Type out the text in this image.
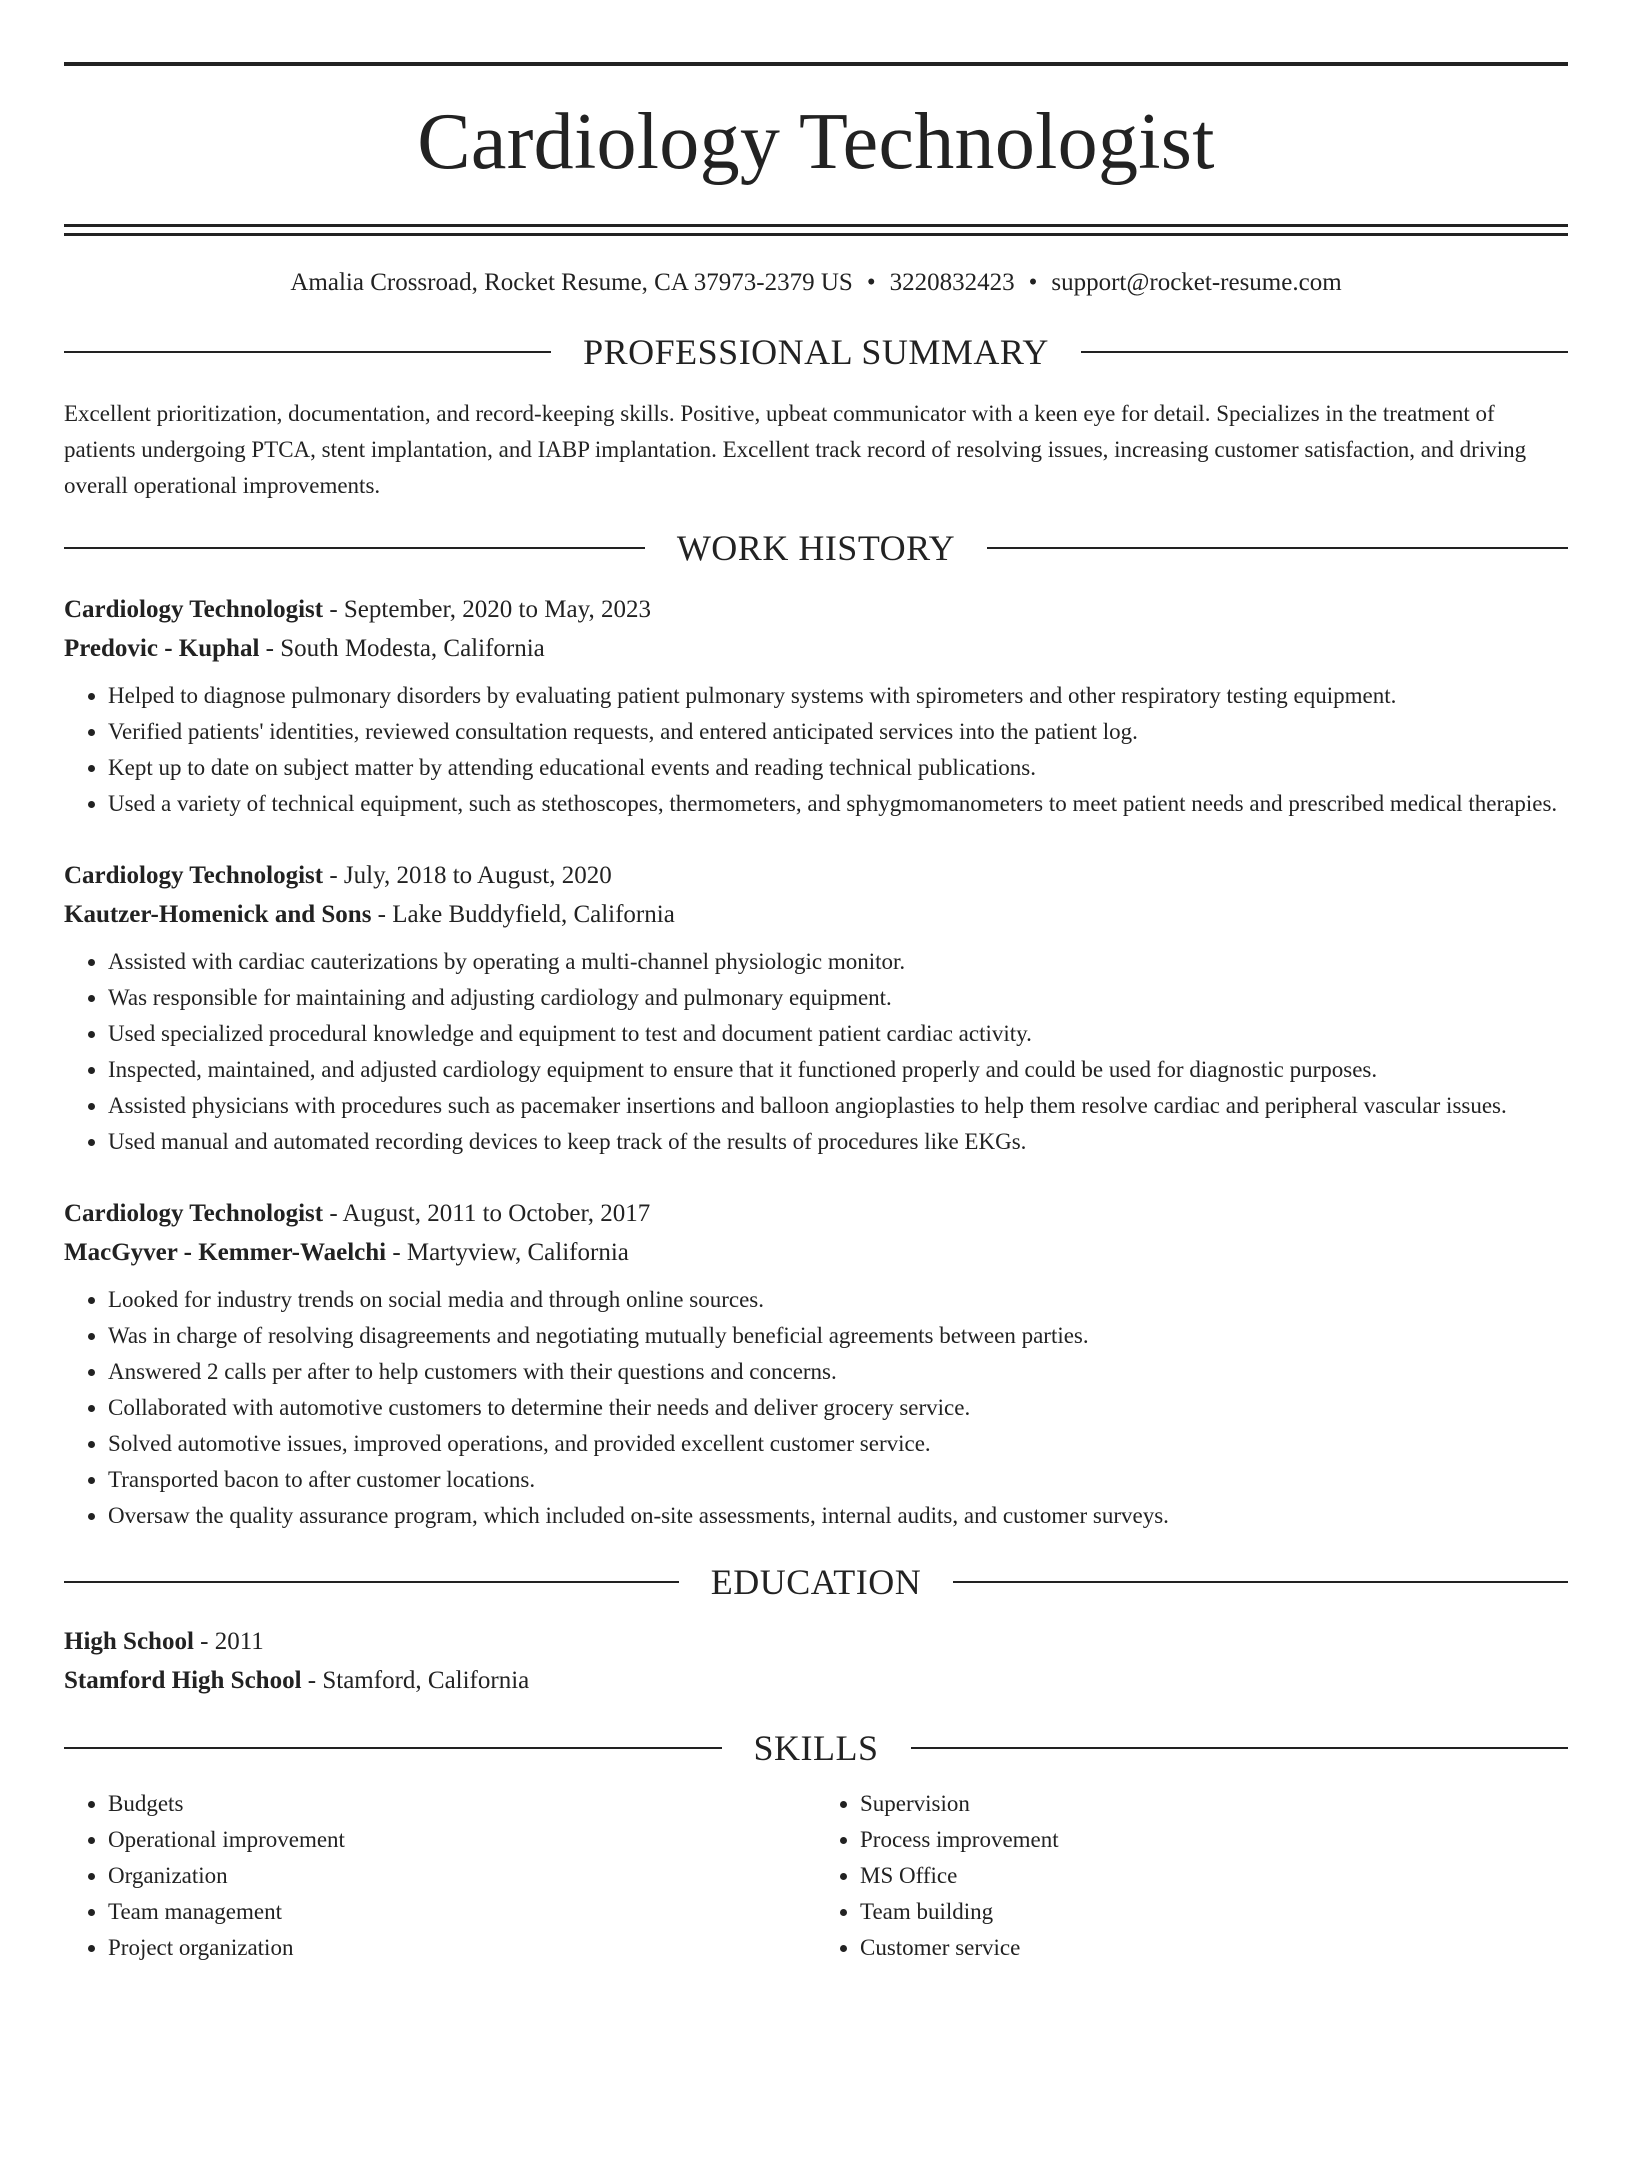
Cardiology Technologist
Amalia Crossroad, Rocket Resume, CA 37973-2379 US • 3220832423 • support@rocket-resume.com
PROFESSIONAL SUMMARY
Excellent prioritization, documentation, and record-keeping skills. Positive, upbeat communicator with a keen eye for detail. Specializes in the treatment of patients undergoing PTCA, stent implantation, and IABP implantation. Excellent track record of resolving issues, increasing customer satisfaction, and driving overall operational improvements.
WORK HISTORY
Cardiology Technologist - September, 2020 to May, 2023
Predovic - Kuphal - South Modesta, California
• Helped to diagnose pulmonary disorders by evaluating patient pulmonary systems with spirometers and other respiratory testing equipment.
• Verified patients' identities, reviewed consultation requests, and entered anticipated services into the patient log.
• Kept up to date on subject matter by attending educational events and reading technical publications.
• Used a variety of technical equipment, such as stethoscopes, thermometers, and sphygmomanometers to meet patient needs and prescribed medical therapies.
Cardiology Technologist - July, 2018 to August, 2020
Kautzer-Homenick and Sons - Lake Buddyfield, California
• Assisted with cardiac cauterizations by operating a multi-channel physiologic monitor.
• Was responsible for maintaining and adjusting cardiology and pulmonary equipment.
• Used specialized procedural knowledge and equipment to test and document patient cardiac activity.
• Inspected, maintained, and adjusted cardiology equipment to ensure that it functioned properly and could be used for diagnostic purposes.
• Assisted physicians with procedures such as pacemaker insertions and balloon angioplasties to help them resolve cardiac and peripheral vascular issues.
• Used manual and automated recording devices to keep track of the results of procedures like EKGs.
Cardiology Technologist - August, 2011 to October, 2017
MacGyver - Kemmer-Waelchi - Martyview, California
• Looked for industry trends on social media and through online sources.
• Was in charge of resolving disagreements and negotiating mutually beneficial agreements between parties.
• Answered 2 calls per after to help customers with their questions and concerns.
• Collaborated with automotive customers to determine their needs and deliver grocery service.
• Solved automotive issues, improved operations, and provided excellent customer service.
• Transported bacon to after customer locations.
• Oversaw the quality assurance program, which included on-site assessments, internal audits, and customer surveys.
EDUCATION
High School - 2011
Stamford High School - Stamford, California
SKILLS
• Budgets
• Operational improvement
• Organization
• Team management
• Project organization
• Supervision
• Process improvement
• MS Office
• Team building
• Customer service
